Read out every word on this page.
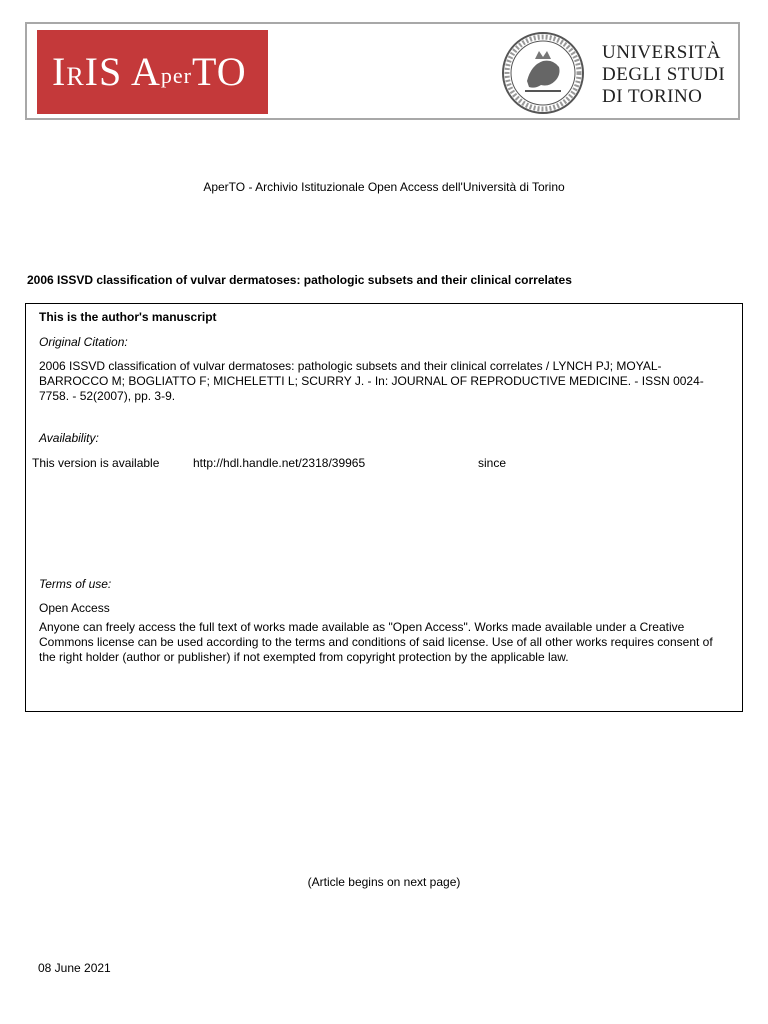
IRIS AperTO	UNIVERSITÀ
DEGLI STUDI
DI TORINO
AperTO - Archivio Istituzionale Open Access dell'Università di Torino
2006 ISSVD classification of vulvar dermatoses: pathologic subsets and their clinical correlates
This is the author's manuscript
Original Citation:
2006 ISSVD classification of vulvar dermatoses: pathologic subsets and their clinical correlates / LYNCH PJ; MOYAL-BARROCCO M; BOGLIATTO F; MICHELETTI L; SCURRY J. - In: JOURNAL OF REPRODUCTIVE MEDICINE. - ISSN 0024-7758. - 52(2007), pp. 3-9.
Availability:
This version is available	http://hdl.handle.net/2318/39965	since
Terms of use:
Open Access
Anyone can freely access the full text of works made available as "Open Access". Works made available under a Creative Commons license can be used according to the terms and conditions of said license. Use of all other works requires consent of the right holder (author or publisher) if not exempted from copyright protection by the applicable law.
(Article begins on next page)
08 June 2021
